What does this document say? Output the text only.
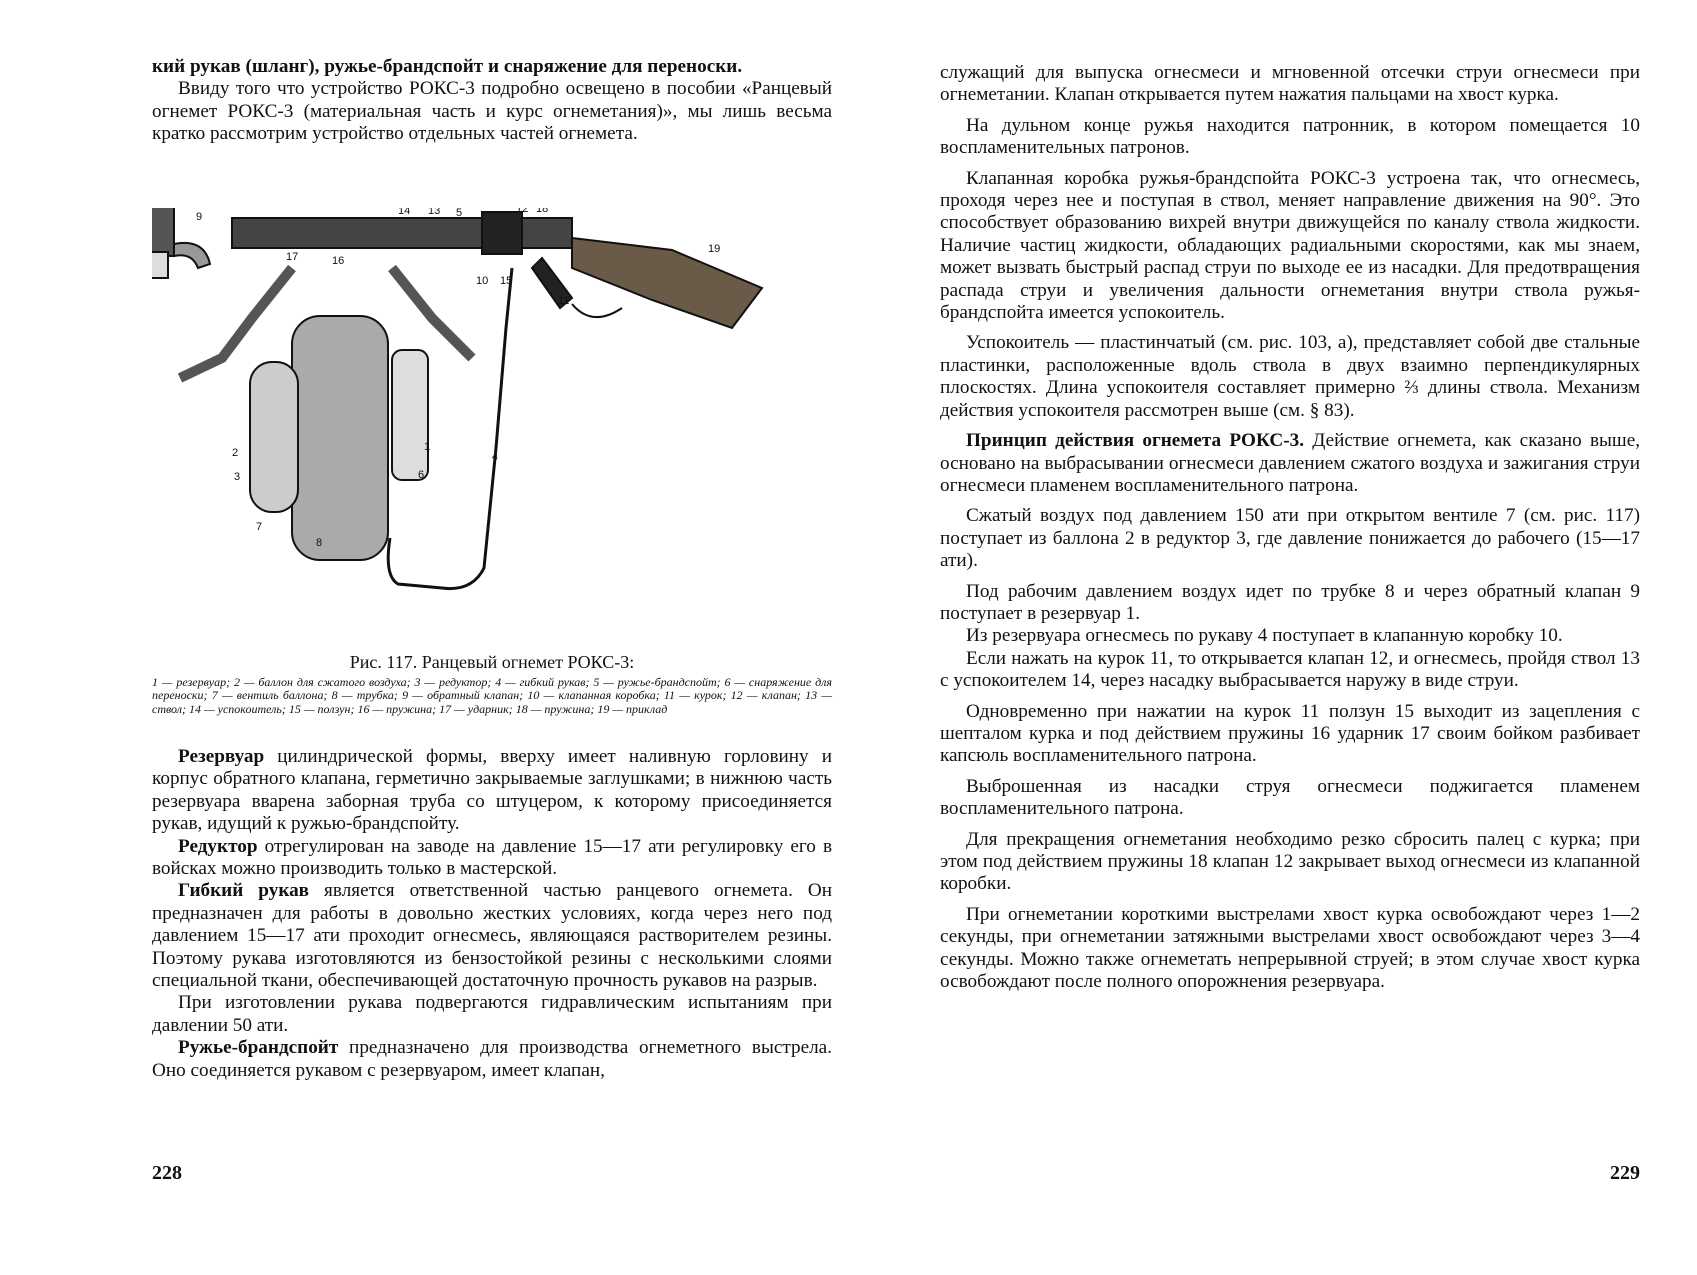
кий рукав (шланг), ружье-брандспойт и снаряжение для переноски.

Ввиду того что устройство РОКС-3 подробно освещено в пособии «Ранцевый огнемет РОКС-3 (материальная часть и курс огнеметания)», мы лишь весьма кратко рассмотрим устройство отдельных частей огнемета.

9	14 13 5	12 18
19
17	16
10 15
11
2
3
7
1
6
4
8
Рис. 117. Ранцевый огнемет РОКС-3:
1 — резервуар; 2 — баллон для сжатого воздуха; 3 — редуктор; 4 — гибкий рукав; 5 — ружье-брандспойт; 6 — снаряжение для переноски; 7 — вентиль баллона; 8 — трубка; 9 — обратный клапан; 10 — клапанная коробка; 11 — курок; 12 — клапан; 13 — ствол; 14 — успокоитель; 15 — ползун; 16 — пружина; 17 — ударник; 18 — пружина; 19 — приклад

Резервуар цилиндрической формы, вверху имеет наливную горловину и корпус обратного клапана, герметично закрываемые заглушками; в нижнюю часть резервуара вварена заборная труба со штуцером, к которому присоединяется рукав, идущий к ружью-брандспойту.

Редуктор отрегулирован на заводе на давление 15—17 ати регулировку его в войсках можно производить только в мастерской.

Гибкий рукав является ответственной частью ранцевого огнемета. Он предназначен для работы в довольно жестких условиях, когда через него под давлением 15—17 ати проходит огнесмесь, являющаяся растворителем резины. Поэтому рукава изготовляются из бензостойкой резины с несколькими слоями специальной ткани, обеспечивающей достаточную прочность рукавов на разрыв.

При изготовлении рукава подвергаются гидравлическим испытаниям при давлении 50 ати.

Ружье-брандспойт предназначено для производства огнеметного выстрела. Оно соединяется рукавом с резервуаром, имеет клапан,

228

служащий для выпуска огнесмеси и мгновенной отсечки струи огнесмеси при огнеметании. Клапан открывается путем нажатия пальцами на хвост курка.

На дульном конце ружья находится патронник, в котором помещается 10 воспламенительных патронов.

Клапанная коробка ружья-брандспойта РОКС-3 устроена так, что огнесмесь, проходя через нее и поступая в ствол, меняет направление движения на 90°. Это способствует образованию вихрей внутри движущейся по каналу ствола жидкости. Наличие частиц жидкости, обладающих радиальными скоростями, как мы знаем, может вызвать быстрый распад струи по выходе ее из насадки. Для предотвращения распада струи и увеличения дальности огнеметания внутри ствола ружья-брандспойта имеется успокоитель.

Успокоитель — пластинчатый (см. рис. 103, а), представляет собой две стальные пластинки, расположенные вдоль ствола в двух взаимно перпендикулярных плоскостях. Длина успокоителя составляет примерно ⅔ длины ствола. Механизм действия успокоителя рассмотрен выше (см. § 83).

Принцип действия огнемета РОКС-3. Действие огнемета, как сказано выше, основано на выбрасывании огнесмеси давлением сжатого воздуха и зажигания струи огнесмеси пламенем воспламенительного патрона.

Сжатый воздух под давлением 150 ати при открытом вентиле 7 (см. рис. 117) поступает из баллона 2 в редуктор 3, где давление понижается до рабочего (15—17 ати).

Под рабочим давлением воздух идет по трубке 8 и через обратный клапан 9 поступает в резервуар 1.

Из резервуара огнесмесь по рукаву 4 поступает в клапанную коробку 10.

Если нажать на курок 11, то открывается клапан 12, и огнесмесь, пройдя ствол 13 с успокоителем 14, через насадку выбрасывается наружу в виде струи.

Одновременно при нажатии на курок 11 ползун 15 выходит из зацепления с шепталом курка и под действием пружины 16 ударник 17 своим бойком разбивает капсюль воспламенительного патрона.

Выброшенная из насадки струя огнесмеси поджигается пламенем воспламенительного патрона.

Для прекращения огнеметания необходимо резко сбросить палец с курка; при этом под действием пружины 18 клапан 12 закрывает выход огнесмеси из клапанной коробки.

При огнеметании короткими выстрелами хвост курка освобождают через 1—2 секунды, при огнеметании затяжными выстрелами хвост освобождают через 3—4 секунды. Можно также огнеметать непрерывной струей; в этом случае хвост курка освобождают после полного опорожнения резервуара.

229
